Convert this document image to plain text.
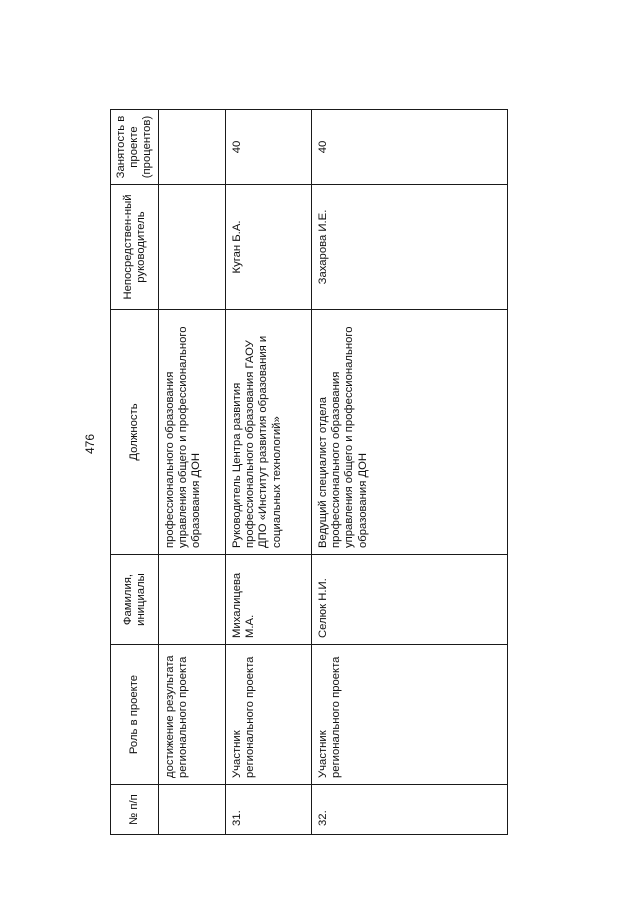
476
№ п/п	Роль в проекте	Фамилия, инициалы	Должность	Непосредствен-ный руководитель	Занятость в проекте (процентов)
	достижение результата регионального проекта		профессионального образования управления общего и профессионального образования ДОН		
31.	Участник регионального проекта	Михалицева М.А.	Руководитель Центра развития профессионального образования ГАОУ ДПО «Институт развития образования и социальных технологий»	Куган Б.А.	40
32.	Участник регионального проекта	Селюк Н.И.	Ведущий специалист отдела профессионального образования управления общего и профессионального образования ДОН	Захарова И.Е.	40
